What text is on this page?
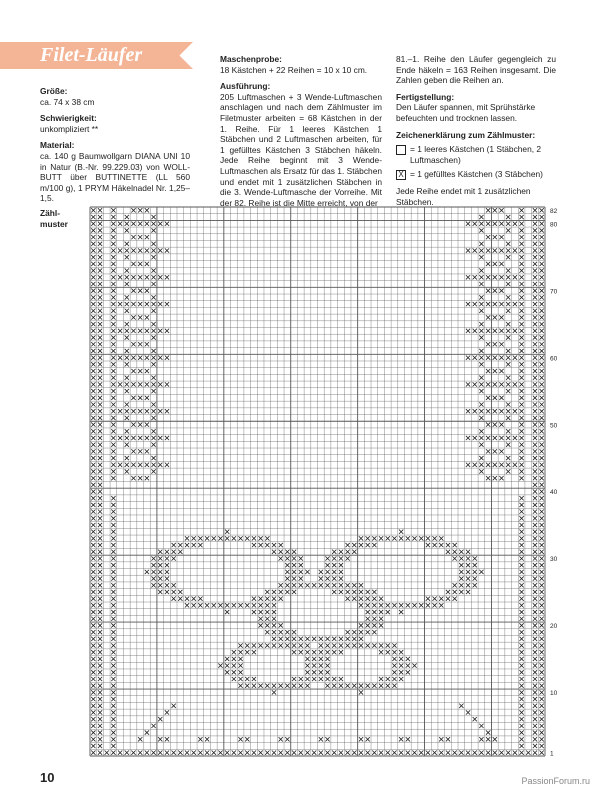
Filet-Läufer

Größe:
ca. 74 x 38 cm

Schwierigkeit:
unkompliziert **

Material:
ca. 140 g Baumwollgarn DIANA UNI 10 in Natur (B.-Nr. 99.229.03) von WOLL-BUTT über BUTTINETTE (LL 560 m/100 g), 1 PRYM Häkelnadel Nr. 1,25–1,5.

Maschenprobe:
18 Kästchen + 22 Reihen = 10 x 10 cm.

Ausführung:
205 Luftmaschen + 3 Wende-Luftmaschen anschlagen und nach dem Zählmuster im Filetmuster arbeiten = 68 Kästchen in der 1. Reihe. Für 1 leeres Kästchen 1 Stäbchen und 2 Luftmaschen arbeiten, für 1 gefülltes Kästchen 3 Stäbchen häkeln. Jede Reihe beginnt mit 3 Wende-Luftmaschen als Ersatz für das 1. Stäbchen und endet mit 1 zusätzlichen Stäbchen in die 3. Wende-Luftmasche der Vorreihe. Mit der 82. Reihe ist die Mitte erreicht, von der

81.–1. Reihe den Läufer gegengleich zu Ende häkeln = 163 Reihen insgesamt. Die Zahlen geben die Reihen an.

Fertigstellung:
Den Läufer spannen, mit Sprühstärke befeuchten und trocknen lassen.

Zeichenerklärung zum Zählmuster:
= 1 leeres Kästchen (1 Stäbchen, 2 Luftmaschen)
X = 1 gefülltes Kästchen (3 Stäbchen)

Jede Reihe endet mit 1 zusätzlichen Stäbchen.

Zähl-
muster
1
10
20
30
40
50
60
70
80
82
10	PassionForum.ru
